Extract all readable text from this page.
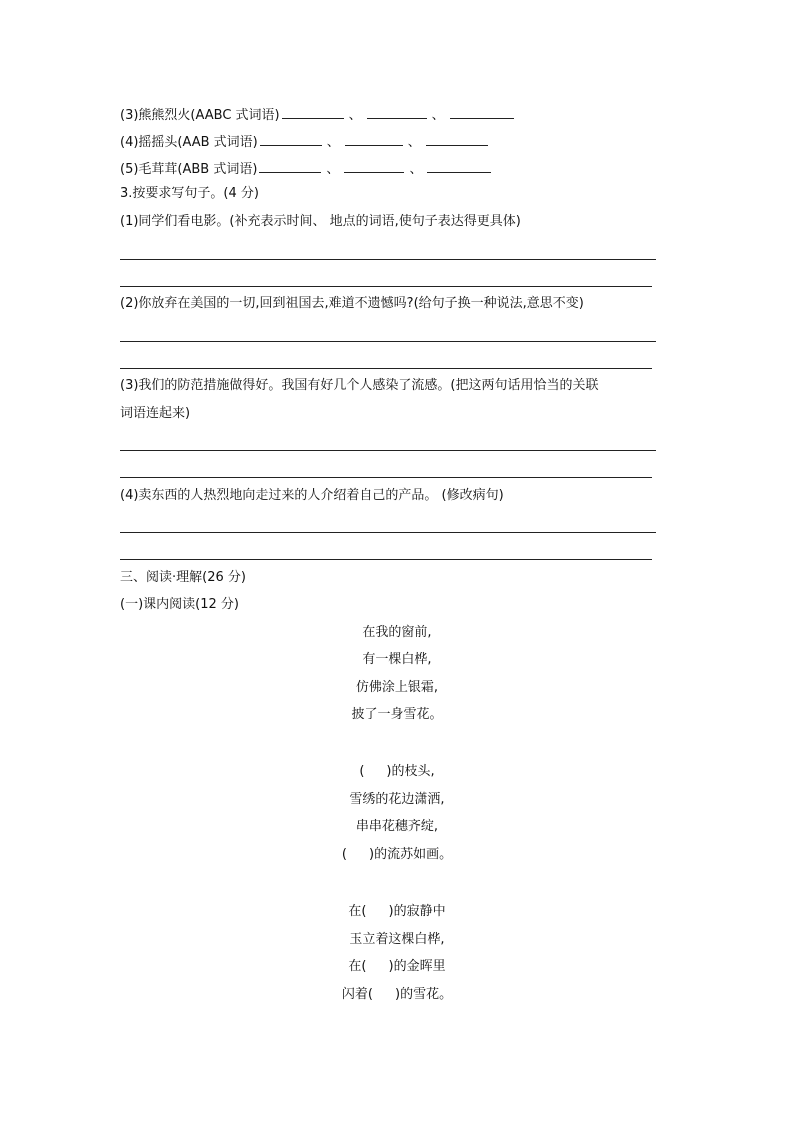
(3)熊熊烈火(AABC 式词语)	、	、
(4)摇摇头(AAB 式词语)	、	、
(5)毛茸茸(ABB 式词语)	、	、
3.按要求写句子。(4 分)
(1)同学们看电影。(补充表示时间、 地点的词语,使句子表达得更具体)
(2)你放弃在美国的一切,回到祖国去,难道不遗憾吗?(给句子换一种说法,意思不变)
(3)我们的防范措施做得好。我国有好几个人感染了流感。(把这两句话用恰当的关联
词语连起来)
(4)卖东西的人热烈地向走过来的人介绍着自己的产品。 (修改病句)
三、阅读·理解(26 分)
(一)课内阅读(12 分)
在我的窗前,
有一棵白桦,
仿佛涂上银霜,
披了一身雪花。
( )的枝头,
雪绣的花边潇洒,
串串花穗齐绽,
( )的流苏如画。
在( )的寂静中
玉立着这棵白桦,
在( )的金晖里
闪着( )的雪花。
